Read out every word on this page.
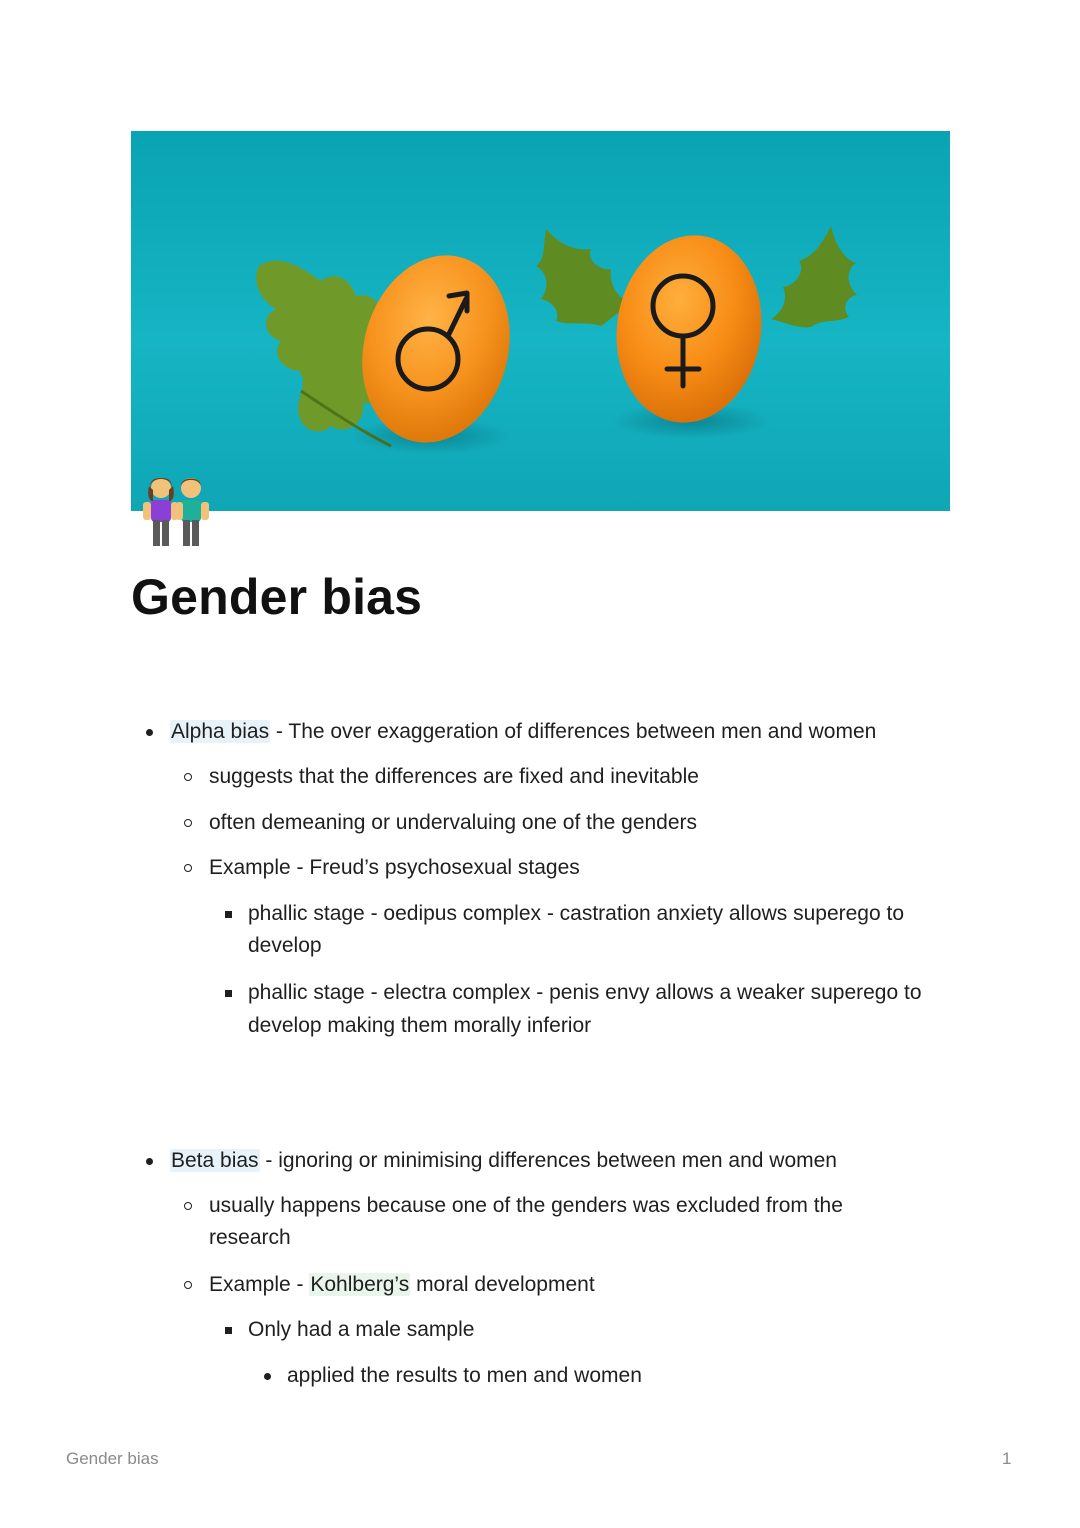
Gender bias
Alpha bias - The over exaggeration of differences between men and women
suggests that the differences are fixed and inevitable
often demeaning or undervaluing one of the genders
Example - Freud’s psychosexual stages
phallic stage - oedipus complex - castration anxiety allows superego to
develop
phallic stage - electra complex - penis envy allows a weaker superego to
develop making them morally inferior
Beta bias - ignoring or minimising differences between men and women
usually happens because one of the genders was excluded from the
research
Example - Kohlberg’s moral development
Only had a male sample
applied the results to men and women
Gender bias	1
